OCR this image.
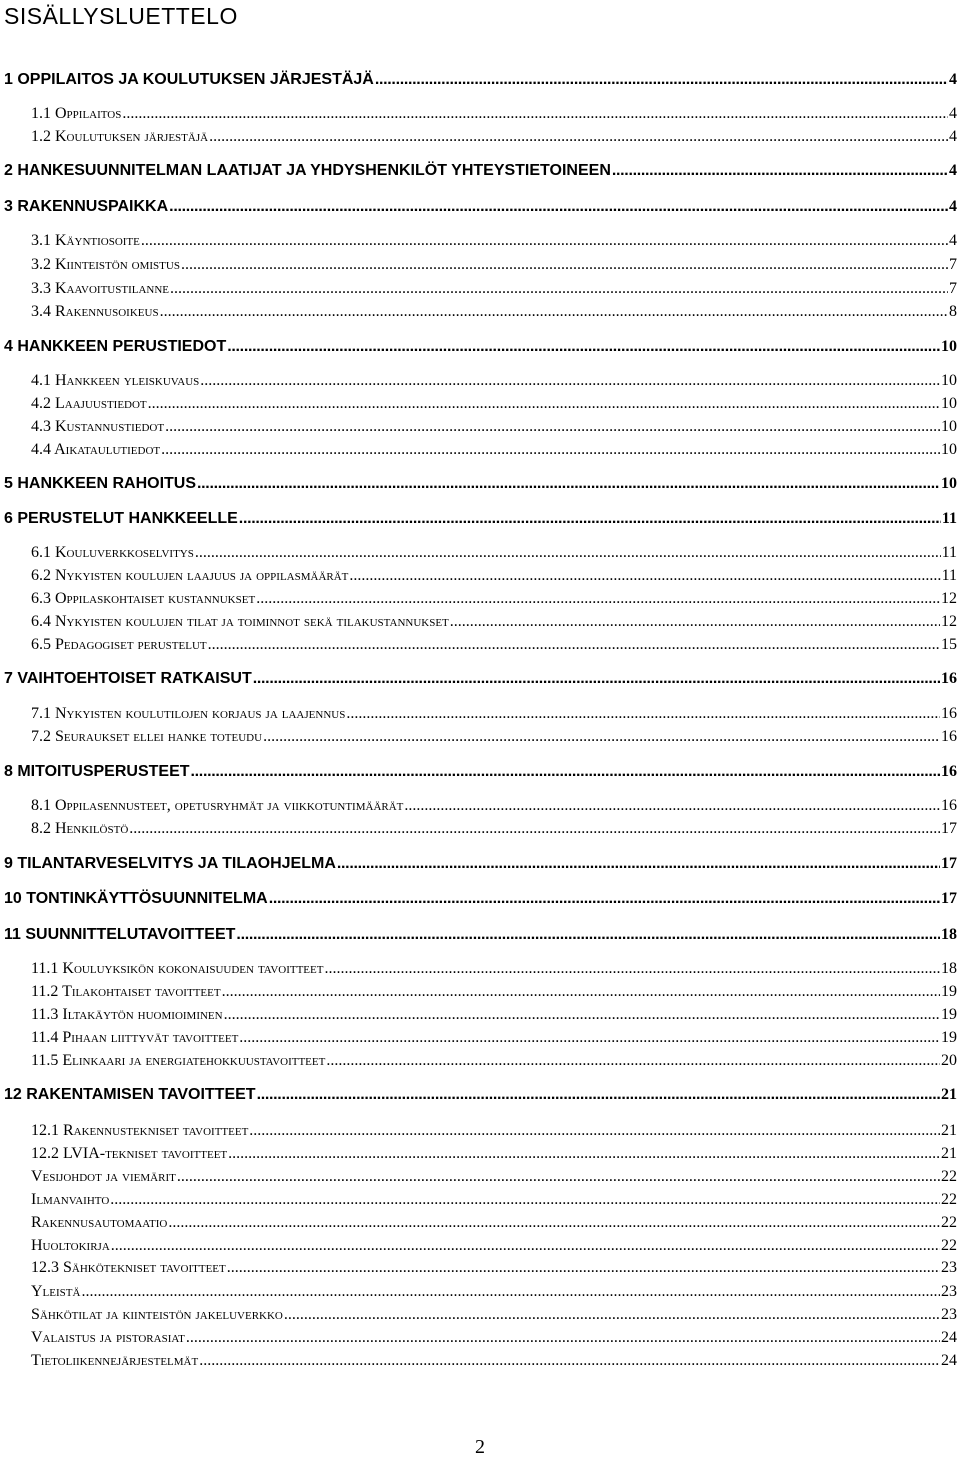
SISÄLLYSLUETTELO
1 OPPILAITOS JA KOULUTUKSEN JÄRJESTÄJÄ .....	4
1.1 Oppilaitos .....	4
1.2 Koulutuksen järjestäjä .....	4
2 HANKESUUNNITELMAN LAATIJAT JA YHDYSHENKILÖT YHTEYSTIETOINEEN .....	4
3 RAKENNUSPAIKKA .....	4
3.1 Käyntiosoite .....	4
3.2 Kiinteistön omistus .....	7
3.3 Kaavoitustilanne .....	7
3.4 Rakennusoikeus .....	8
4 HANKKEEN PERUSTIEDOT .....	10
4.1 Hankkeen yleiskuvaus .....	10
4.2 Laajuustiedot .....	10
4.3 Kustannustiedot .....	10
4.4 Aikataulutiedot .....	10
5 HANKKEEN RAHOITUS .....	10
6 PERUSTELUT HANKKEELLE .....	11
6.1 Kouluverkkoselvitys .....	11
6.2 Nykyisten koulujen laajuus ja oppilasmäärät .....	11
6.3 Oppilaskohtaiset kustannukset .....	12
6.4 Nykyisten koulujen tilat ja toiminnot sekä tilakustannukset .....	12
6.5 Pedagogiset perustelut .....	15
7 VAIHTOEHTOISET RATKAISUT .....	16
7.1 Nykyisten koulutilojen korjaus ja laajennus .....	16
7.2 Seuraukset ellei hanke toteudu .....	16
8 MITOITUSPERUSTEET .....	16
8.1 Oppilasennusteet, opetusryhmät ja viikkotuntimäärät .....	16
8.2 Henkilöstö .....	17
9 TILANTARVESELVITYS JA TILAOHJELMA .....	17
10 TONTINKÄYTTÖSUUNNITELMA .....	17
11 SUUNNITTELUTAVOITTEET .....	18
11.1 Kouluyksikön kokonaisuuden tavoitteet .....	18
11.2 Tilakohtaiset tavoitteet .....	19
11.3 Iltakäytön huomioiminen .....	19
11.4 Pihaan liittyvät tavoitteet .....	19
11.5 Elinkaari ja energiatehokkuustavoitteet .....	20
12 RAKENTAMISEN TAVOITTEET .....	21
12.1 Rakennustekniset tavoitteet .....	21
12.2 LVIA-tekniset tavoitteet .....	21
Vesijohdot ja viemärit .....	22
Ilmanvaihto .....	22
Rakennusautomaatio .....	22
Huoltokirja .....	22
12.3 Sähkötekniset tavoitteet .....	23
Yleistä .....	23
Sähkötilat ja kiinteistön jakeluverkko .....	23
Valaistus ja pistorasiat .....	24
Tietoliikennejärjestelmät .....	24
2
